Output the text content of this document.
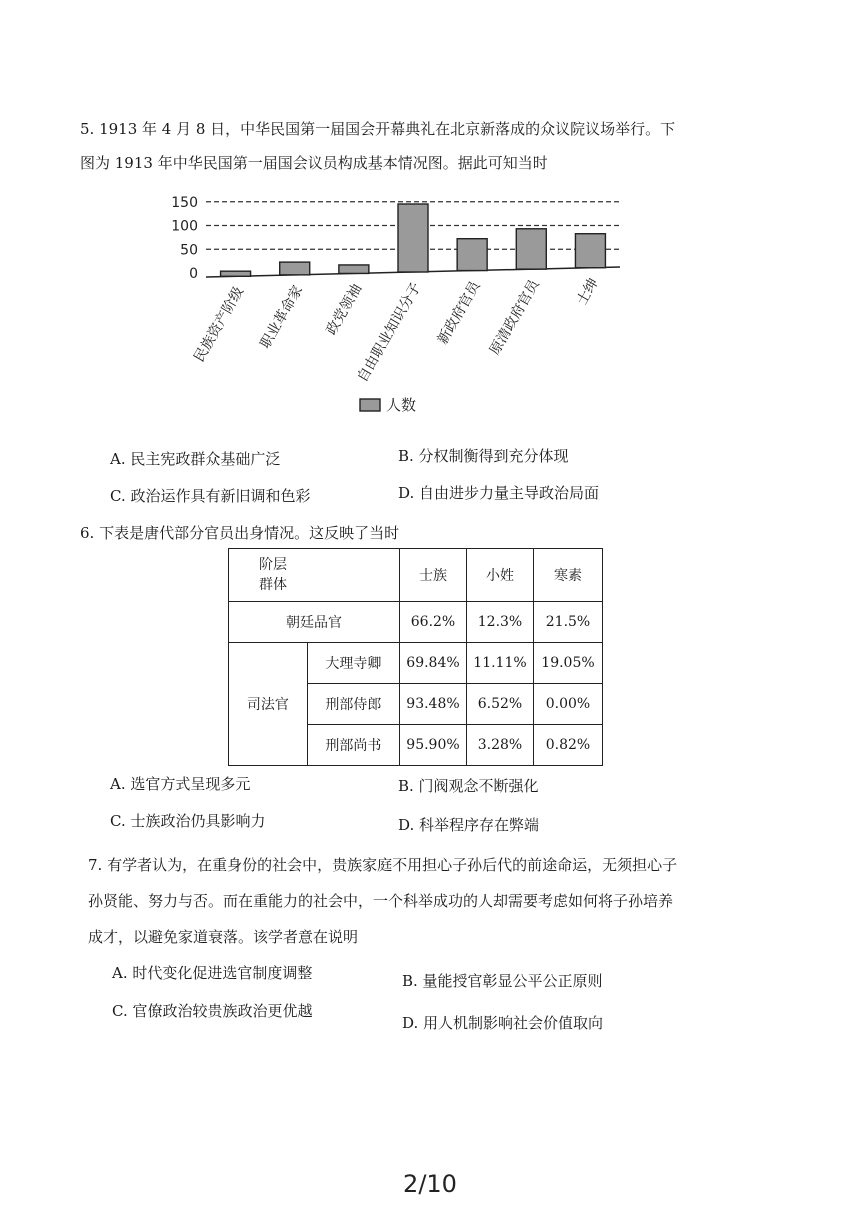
5. 1913 年 4 月 8 日，中华民国第一届国会开幕典礼在北京新落成的众议院议场举行。下
图为 1913 年中华民国第一届国会议员构成基本情况图。据此可知当时
0
50
100
150
民族资产阶级 职业革命家 政党领袖
自由职业知识分子 新政府官员 原清政府官员 士绅
人数
A. 民主宪政群众基础广泛	B. 分权制衡得到充分体现
C. 政治运作具有新旧调和色彩	D. 自由进步力量主导政治局面
6. 下表是唐代部分官员出身情况。这反映了当时
阶层
群体		士族	小姓	寒素
朝廷品官		66.2%	12.3%	21.5%
司法官	大理寺卿	69.84%	11.11%	19.05%
	刑部侍郎	93.48%	6.52%	0.00%
	刑部尚书	95.90%	3.28%	0.82%
A. 选官方式呈现多元	B. 门阀观念不断强化
C. 士族政治仍具影响力	D. 科举程序存在弊端
7. 有学者认为，在重身份的社会中，贵族家庭不用担心子孙后代的前途命运，无须担心子
孙贤能、努力与否。而在重能力的社会中，一个科举成功的人却需要考虑如何将子孙培养
成才，以避免家道衰落。该学者意在说明
A. 时代变化促进选官制度调整	B. 量能授官彰显公平公正原则
C. 官僚政治较贵族政治更优越
D. 用人机制影响社会价值取向
2/10
